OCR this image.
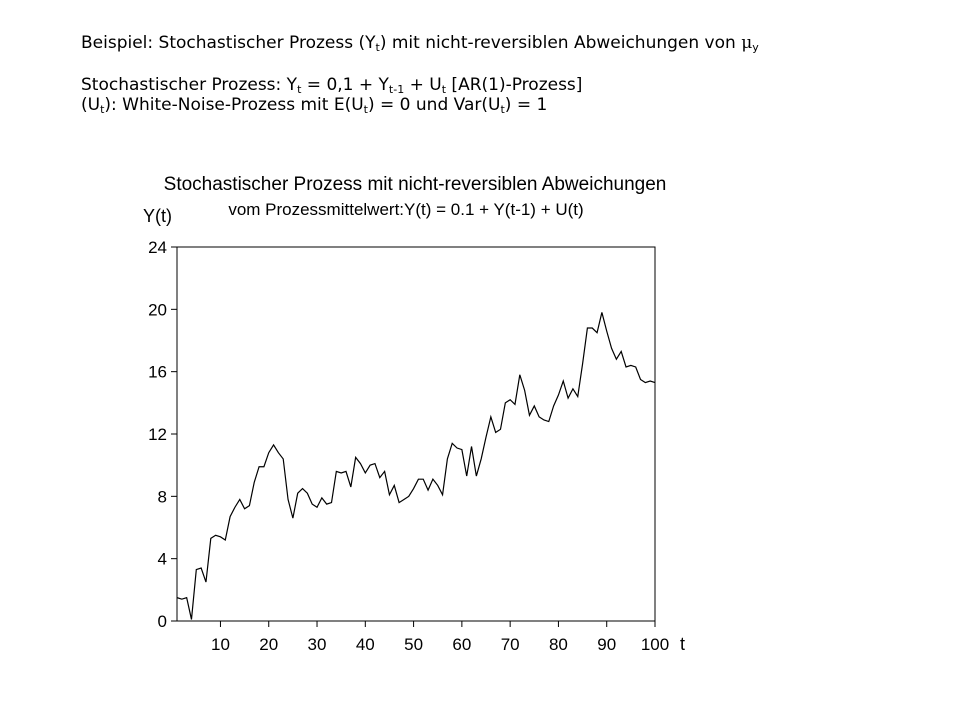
Beispiel: Stochastischer Prozess $(Y_t)$ mit nicht-reversiblen Abweichungen von $\mu_y$
Stochastischer Prozess: $Y_t = 0,1 + Y_{t-1} + U_t$ [AR(1)-Prozess]
$(U_t)$: White-Noise-Prozess mit $E(U_t) = 0$ und $Var(U_t) = 1$
Stochastischer Prozess mit nicht-reversiblen Abweichungen
vom Prozessmittelwert:Y(t) = 0.1 + Y(t-1) + U(t)
Y(t)
t
0
4
8
12
16
20
24
10 20 30 40 50 60 70 80 90 100
